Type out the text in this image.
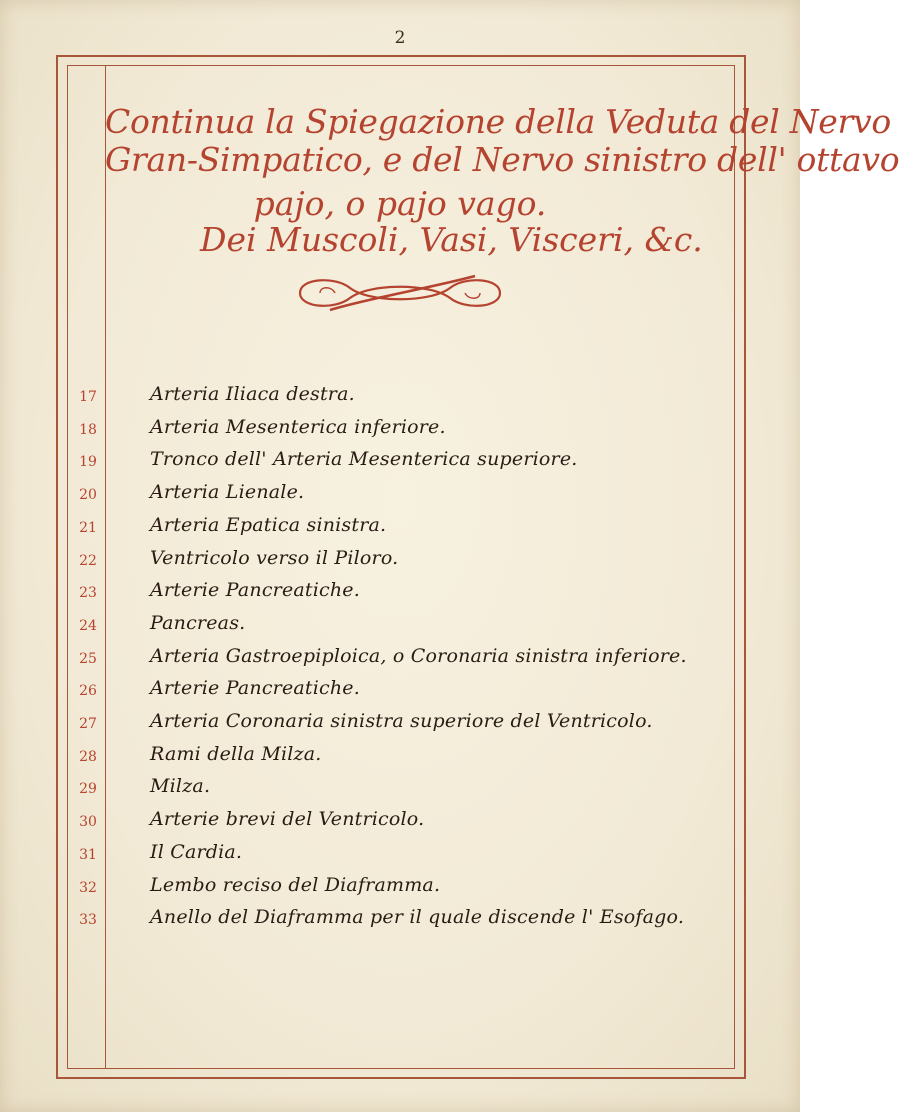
2
Continua la Spiegazione della Veduta del Nervo
Gran-Simpatico, e del Nervo sinistro dell' ottavo
pajo, o pajo vago.
Dei Muscoli, Vasi, Visceri, &c.
17	Arteria Iliaca destra.
18	Arteria Mesenterica inferiore.
19	Tronco dell' Arteria Mesenterica superiore.
20	Arteria Lienale.
21	Arteria Epatica sinistra.
22	Ventricolo verso il Piloro.
23	Arterie Pancreatiche.
24	Pancreas.
25	Arteria Gastroepiploica, o Coronaria sinistra inferiore.
26	Arterie Pancreatiche.
27	Arteria Coronaria sinistra superiore del Ventricolo.
28	Rami della Milza.
29	Milza.
30	Arterie brevi del Ventricolo.
31	Il Cardia.
32	Lembo reciso del Diaframma.
33	Anello del Diaframma per il quale discende l' Esofago.
